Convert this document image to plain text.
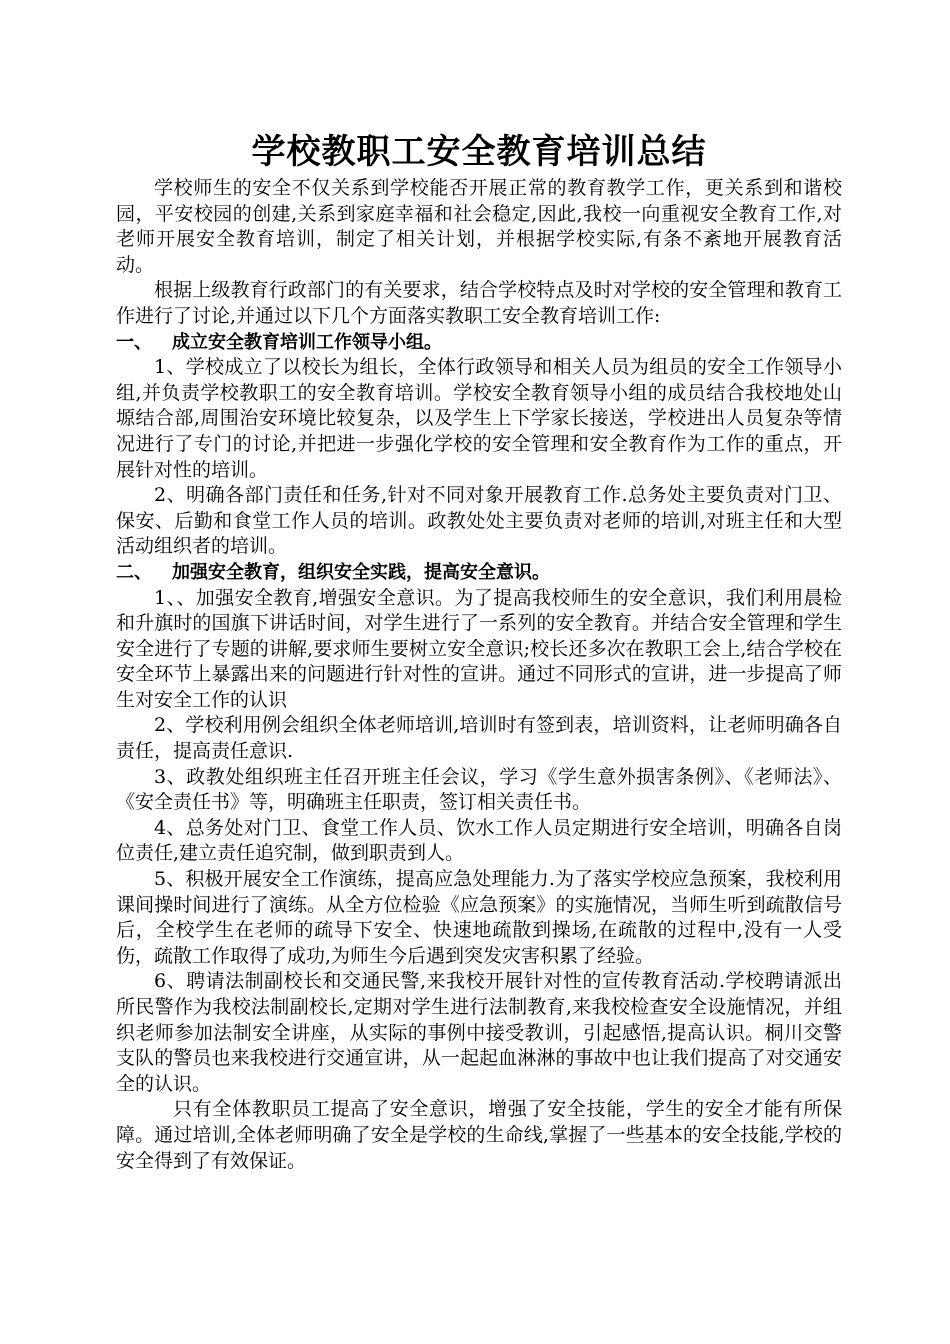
学校教职工安全教育培训总结

学校师生的安全不仅关系到学校能否开展正常的教育教学工作，更关系到和谐校园，平安校园的创建,关系到家庭幸福和社会稳定,因此,我校一向重视安全教育工作,对老师开展安全教育培训，制定了相关计划，并根据学校实际,有条不紊地开展教育活动。

根据上级教育行政部门的有关要求，结合学校特点及时对学校的安全管理和教育工作进行了讨论,并通过以下几个方面落实教职工安全教育培训工作:

一、 成立安全教育培训工作领导小组。

1、学校成立了以校长为组长，全体行政领导和相关人员为组员的安全工作领导小组,并负责学校教职工的安全教育培训。学校安全教育领导小组的成员结合我校地处山塬结合部,周围治安环境比较复杂，以及学生上下学家长接送，学校进出人员复杂等情况进行了专门的讨论,并把进一步强化学校的安全管理和安全教育作为工作的重点，开展针对性的培训。

2、明确各部门责任和任务,针对不同对象开展教育工作.总务处主要负责对门卫、保安、后勤和食堂工作人员的培训。政教处处主要负责对老师的培训,对班主任和大型活动组织者的培训。

二、 加强安全教育，组织安全实践，提高安全意识。

1、、加强安全教育,增强安全意识。为了提高我校师生的安全意识，我们利用晨检和升旗时的国旗下讲话时间，对学生进行了一系列的安全教育。并结合安全管理和学生安全进行了专题的讲解,要求师生要树立安全意识;校长还多次在教职工会上,结合学校在安全环节上暴露出来的问题进行针对性的宣讲。通过不同形式的宣讲，进一步提高了师生对安全工作的认识

2、学校利用例会组织全体老师培训,培训时有签到表，培训资料，让老师明确各自责任，提高责任意识.

3、政教处组织班主任召开班主任会议，学习《学生意外损害条例》、《老师法》、《安全责任书》等，明确班主任职责，签订相关责任书。

4、总务处对门卫、食堂工作人员、饮水工作人员定期进行安全培训，明确各自岗位责任,建立责任追究制，做到职责到人。

5、积极开展安全工作演练，提高应急处理能力.为了落实学校应急预案，我校利用课间操时间进行了演练。从全方位检验《应急预案》的实施情况，当师生听到疏散信号后，全校学生在老师的疏导下安全、快速地疏散到操场,在疏散的过程中,没有一人受伤，疏散工作取得了成功,为师生今后遇到突发灾害积累了经验。

6、聘请法制副校长和交通民警,来我校开展针对性的宣传教育活动.学校聘请派出所民警作为我校法制副校长,定期对学生进行法制教育,来我校检查安全设施情况，并组织老师参加法制安全讲座，从实际的事例中接受教训，引起感悟,提高认识。桐川交警支队的警员也来我校进行交通宣讲，从一起起血淋淋的事故中也让我们提高了对交通安全的认识。

只有全体教职员工提高了安全意识，增强了安全技能，学生的安全才能有所保障。通过培训,全体老师明确了安全是学校的生命线,掌握了一些基本的安全技能,学校的安全得到了有效保证。
